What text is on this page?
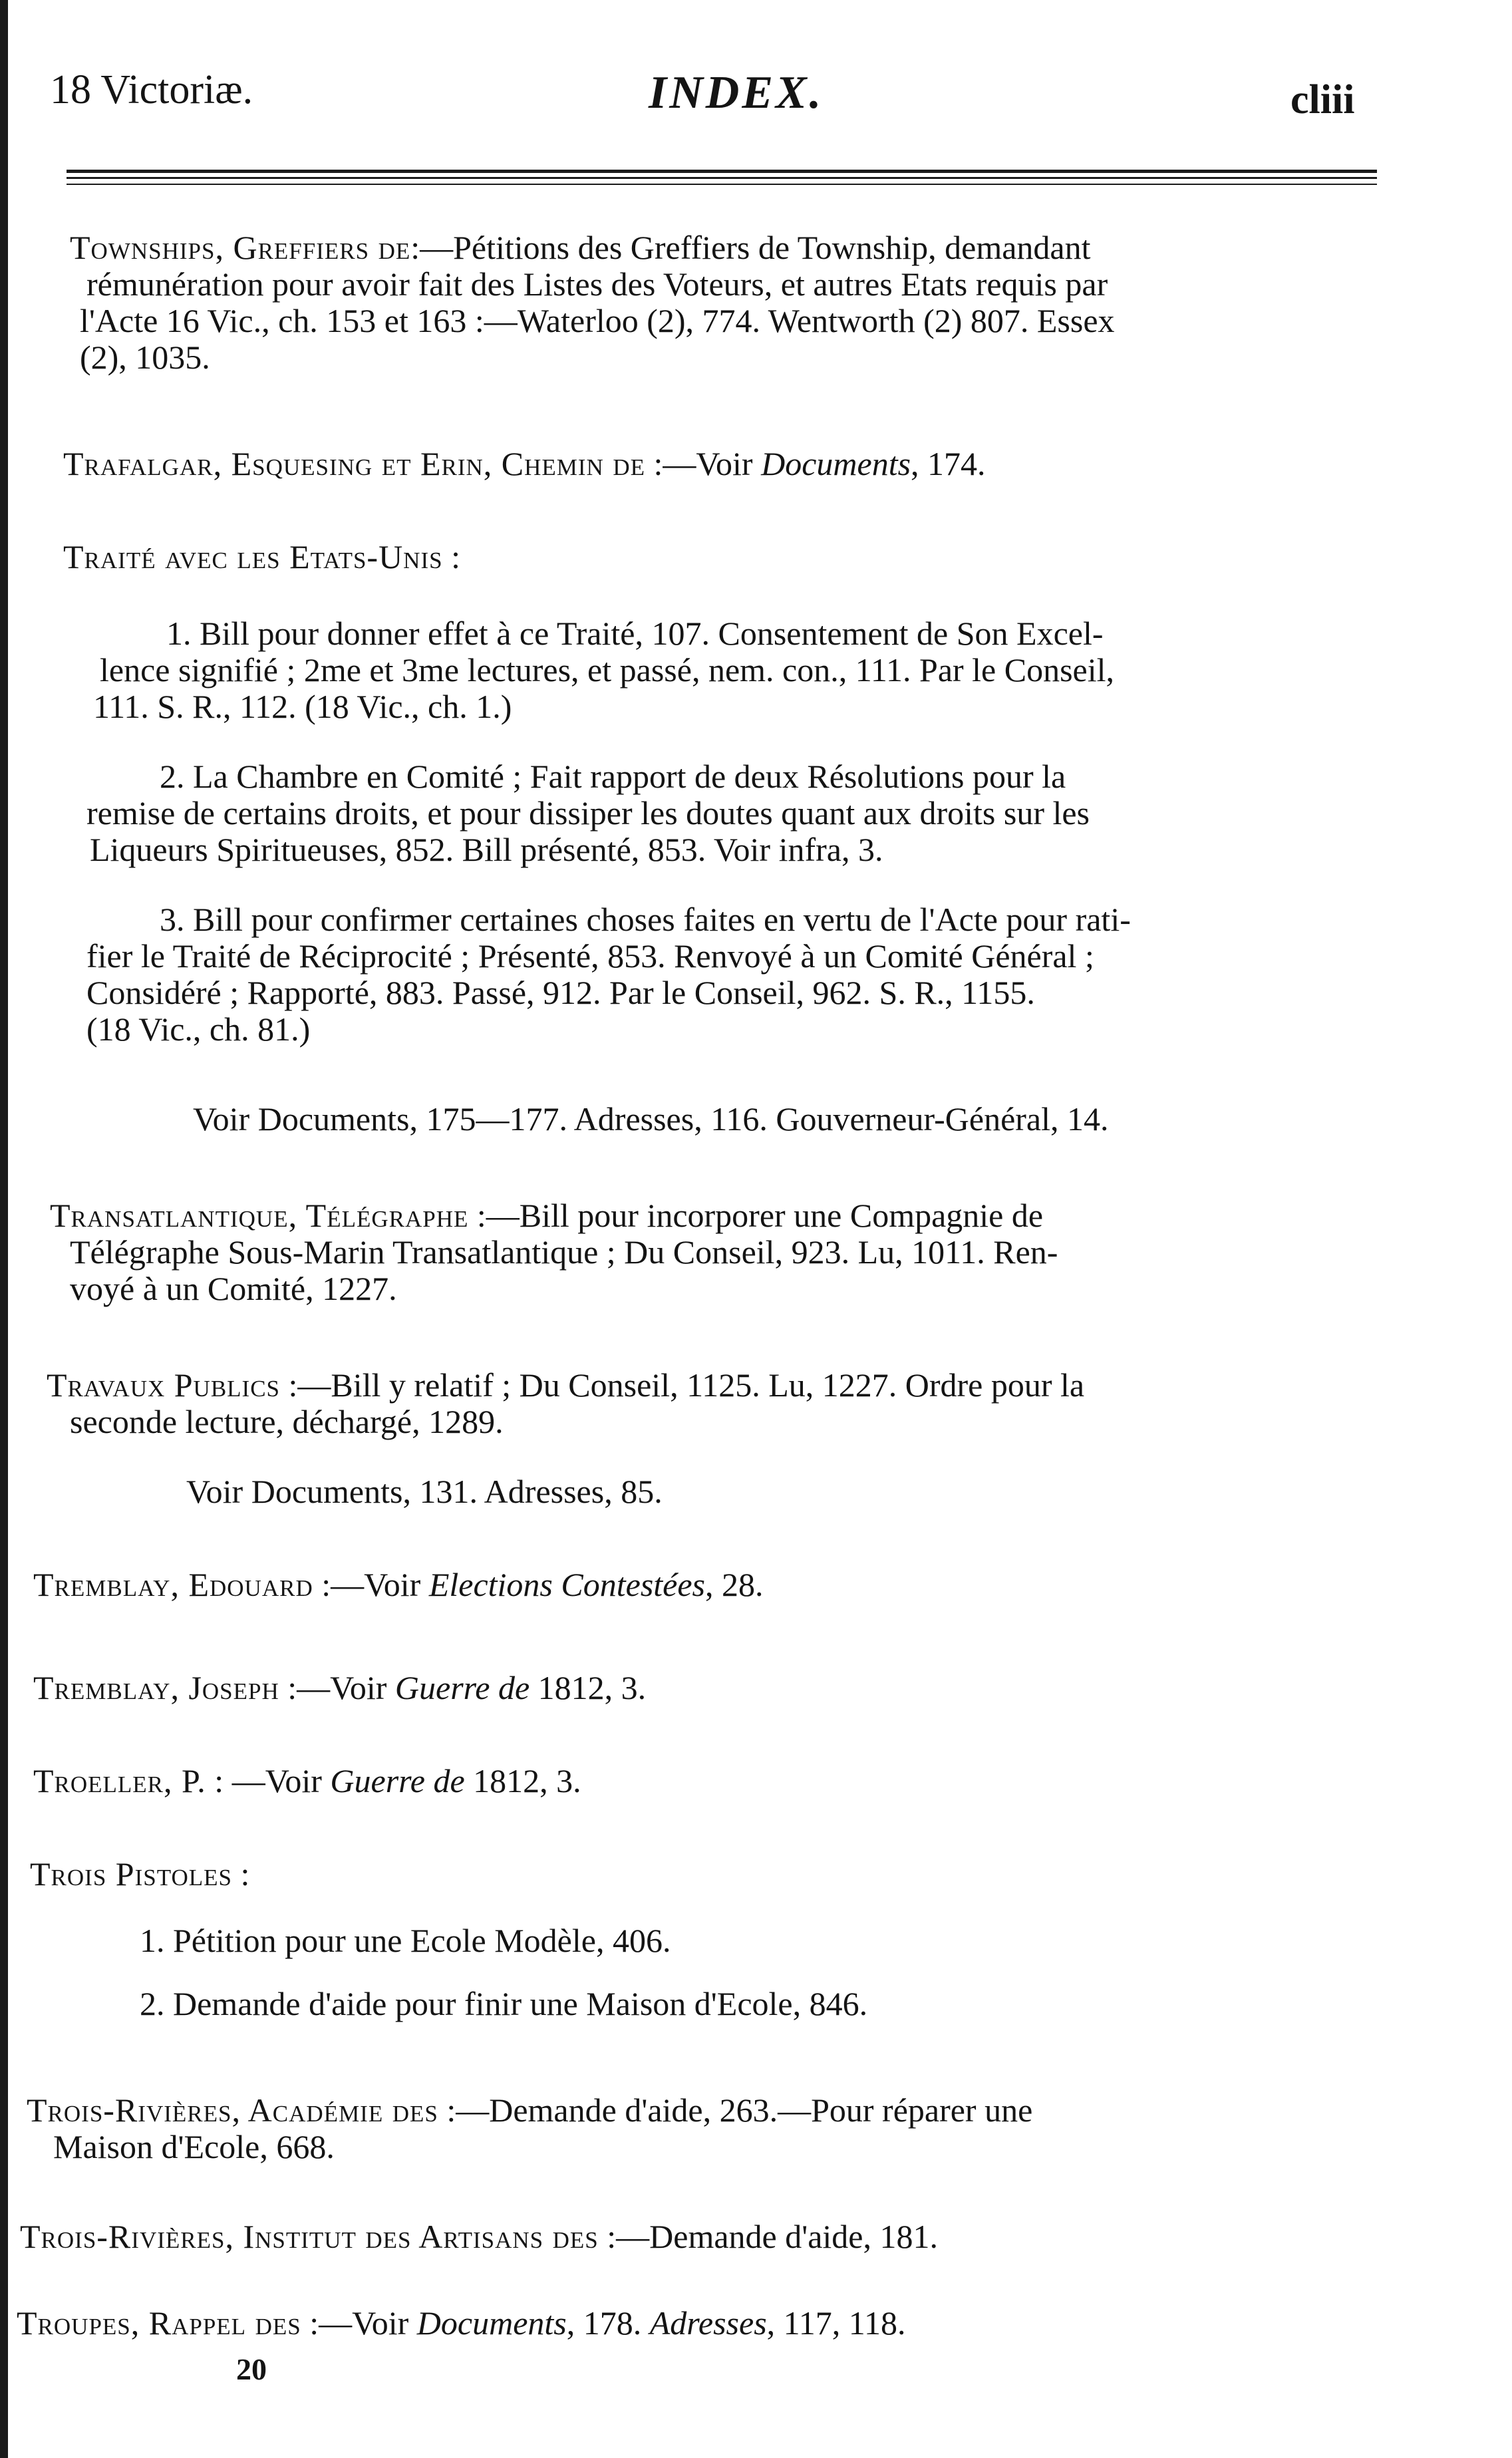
18 Victoriæ.	INDEX.	cliii
Townships, Greffiers de:—Pétitions des Greffiers de Township, demandant
rémunération pour avoir fait des Listes des Voteurs, et autres Etats requis par
l'Acte 16 Vic., ch. 153 et 163 :—Waterloo (2), 774. Wentworth (2) 807. Essex
(2), 1035.
Trafalgar, Esquesing et Erin, Chemin de :—Voir Documents, 174.
Traité avec les Etats-Unis :
1. Bill pour donner effet à ce Traité, 107. Consentement de Son Excel-
lence signifié ; 2me et 3me lectures, et passé, nem. con., 111. Par le Conseil,
111. S. R., 112. (18 Vic., ch. 1.)
2. La Chambre en Comité ; Fait rapport de deux Résolutions pour la
remise de certains droits, et pour dissiper les doutes quant aux droits sur les
Liqueurs Spiritueuses, 852. Bill présenté, 853. Voir infra, 3.
3. Bill pour confirmer certaines choses faites en vertu de l'Acte pour rati-
fier le Traité de Réciprocité ; Présenté, 853. Renvoyé à un Comité Général ;
Considéré ; Rapporté, 883. Passé, 912. Par le Conseil, 962. S. R., 1155.
(18 Vic., ch. 81.)
Voir Documents, 175—177. Adresses, 116. Gouverneur-Général, 14.
Transatlantique, Télégraphe :—Bill pour incorporer une Compagnie de
Télégraphe Sous-Marin Transatlantique ; Du Conseil, 923. Lu, 1011. Ren-
voyé à un Comité, 1227.
Travaux Publics :—Bill y relatif ; Du Conseil, 1125. Lu, 1227. Ordre pour la
seconde lecture, déchargé, 1289.
Voir Documents, 131. Adresses, 85.
Tremblay, Edouard :—Voir Elections Contestées, 28.
Tremblay, Joseph :—Voir Guerre de 1812, 3.
Troeller, P. : —Voir Guerre de 1812, 3.
Trois Pistoles :
1. Pétition pour une Ecole Modèle, 406.
2. Demande d'aide pour finir une Maison d'Ecole, 846.
Trois-Rivières, Académie des :—Demande d'aide, 263.—Pour réparer une
Maison d'Ecole, 668.
Trois-Rivières, Institut des Artisans des :—Demande d'aide, 181.
Troupes, Rappel des :—Voir Documents, 178. Adresses, 117, 118.
20
